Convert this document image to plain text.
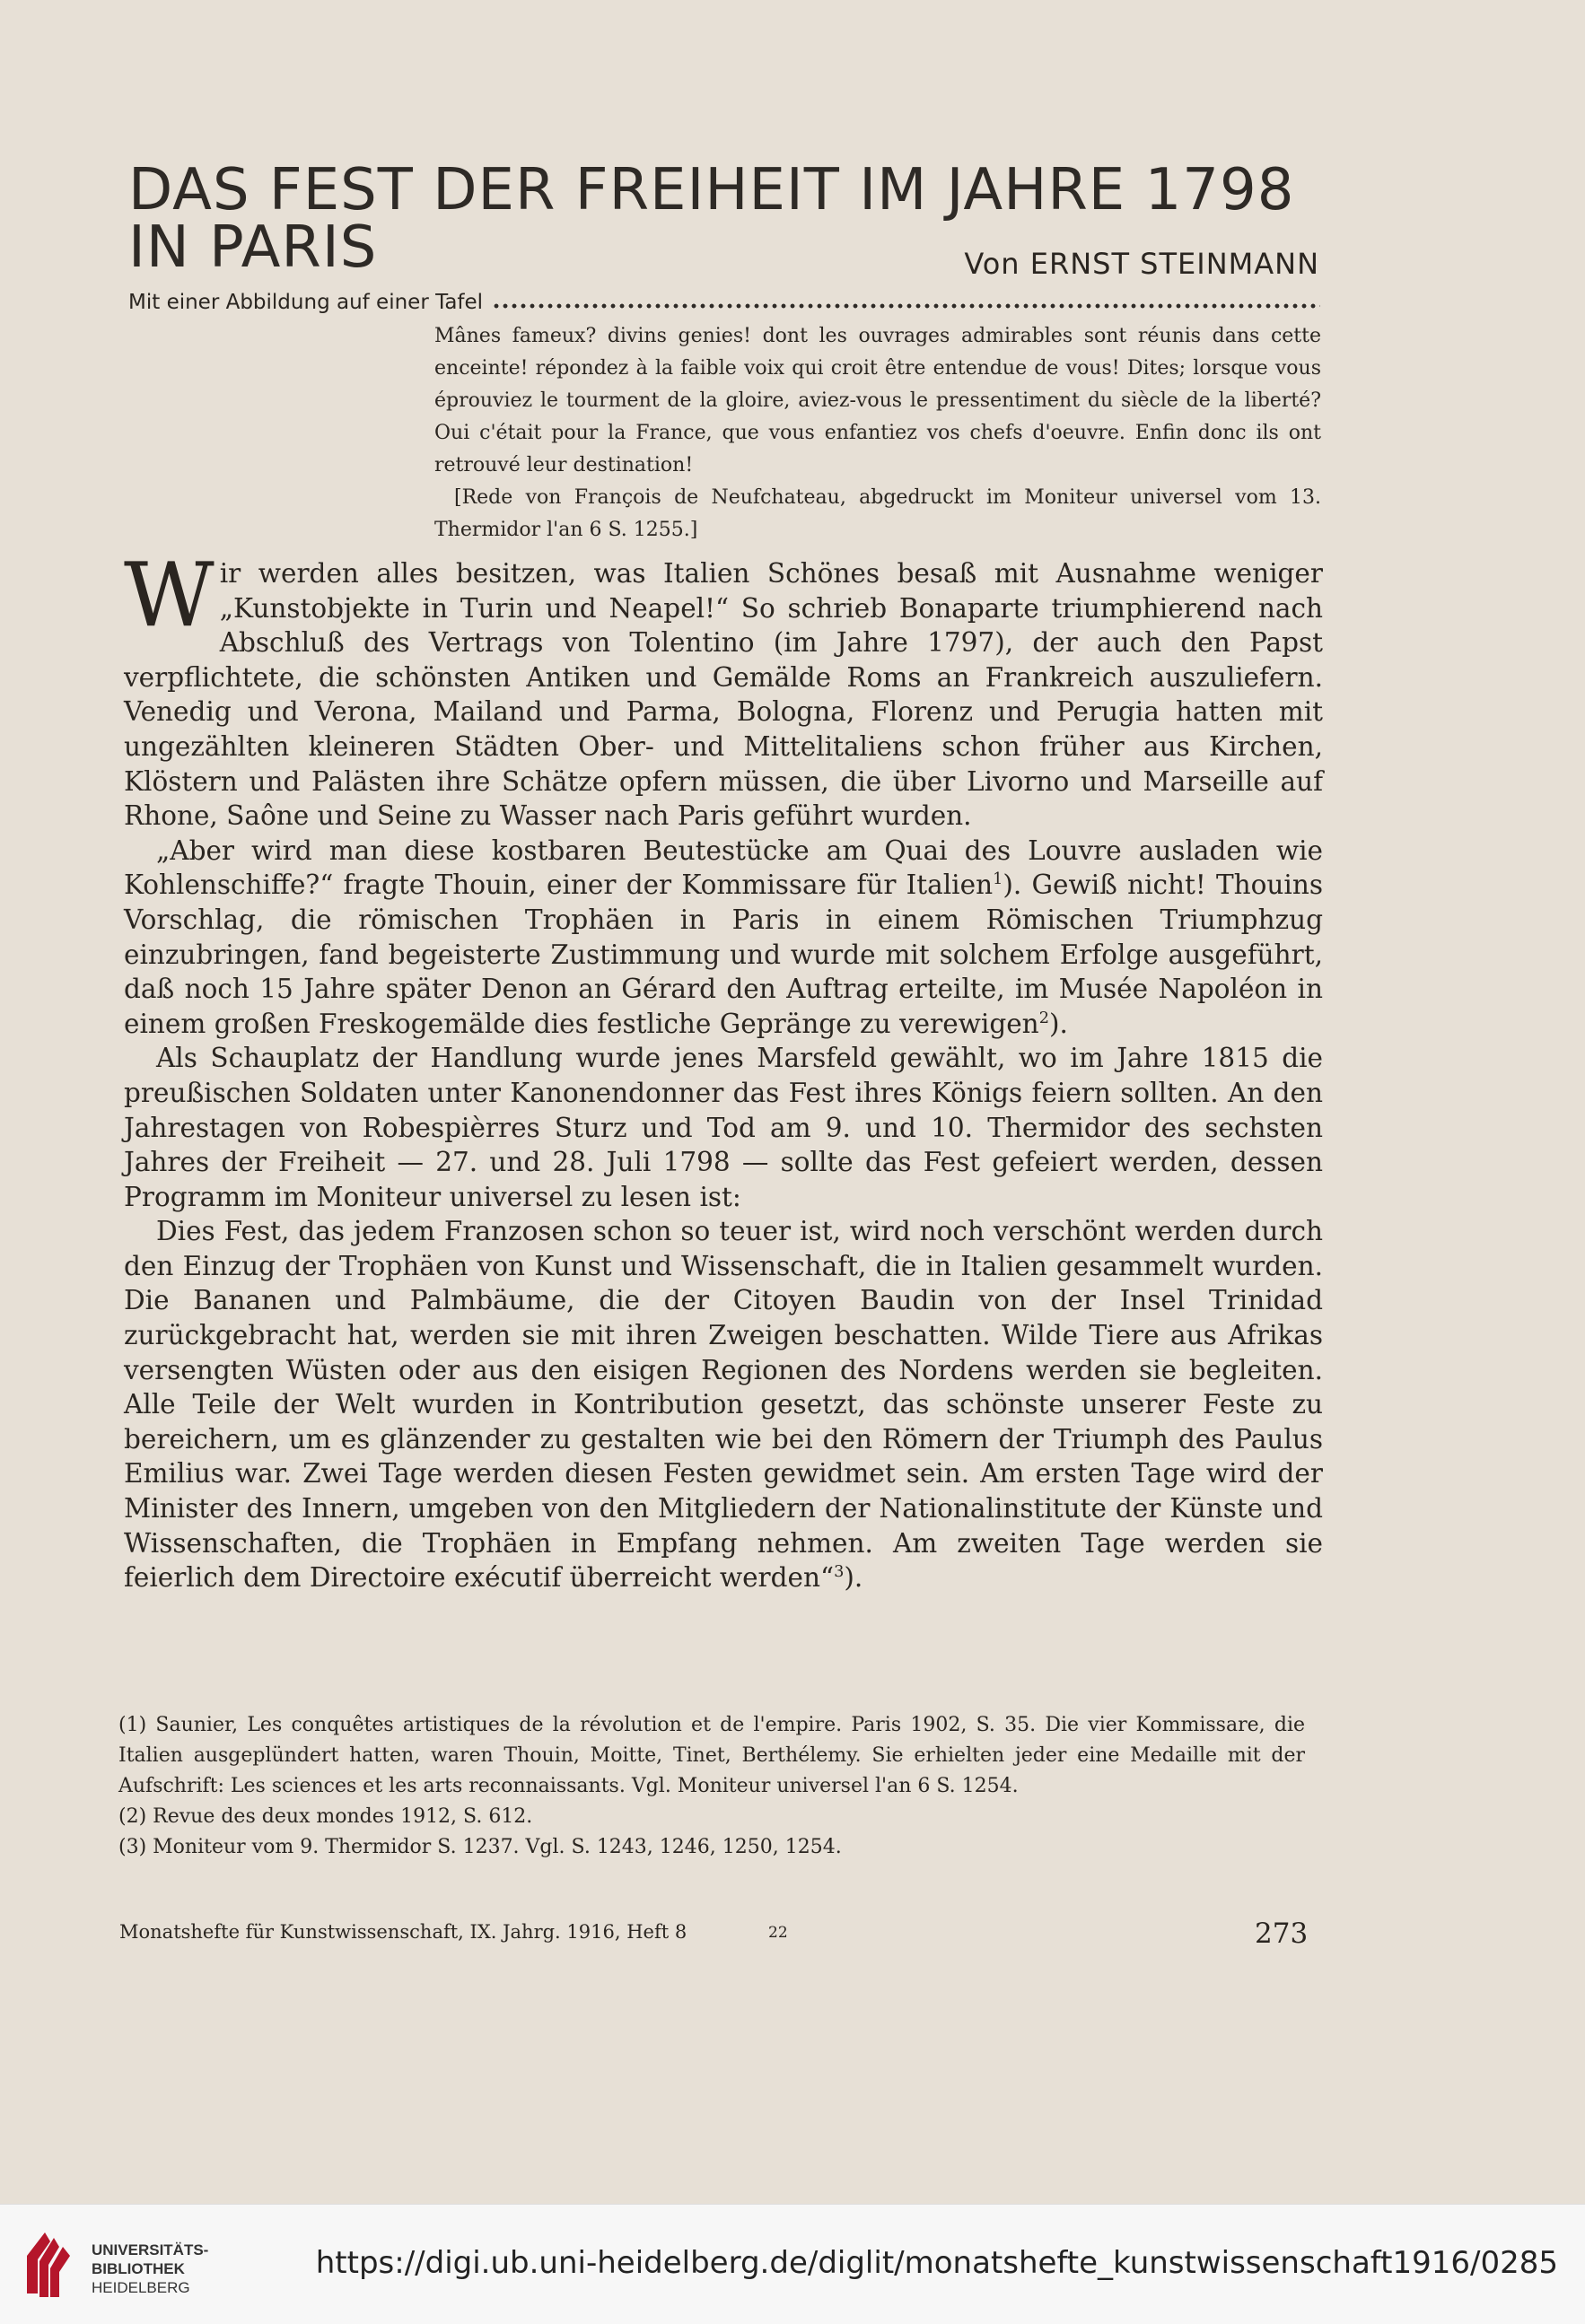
DAS FEST DER FREIHEIT IM JAHRE 1798
IN PARIS	Von ERNST STEINMANN
Mit einer Abbildung auf einer Tafel

Mânes fameux? divins genies! dont les ouvrages admirables sont réunis dans cette enceinte! répondez à la faible voix qui croit être entendue de vous! Dites; lorsque vous éprouviez le tourment de la gloire, aviez-vous le pressentiment du siècle de la liberté? Oui c'était pour la France, que vous enfantiez vos chefs d'oeuvre. Enfin donc ils ont retrouvé leur destination!

[Rede von François de Neufchateau, abgedruckt im Moniteur universel vom 13. Thermidor l'an 6 S. 1255.]

Wir werden alles besitzen, was Italien Schönes besaß mit Ausnahme weniger „Kunstobjekte in Turin und Neapel!“ So schrieb Bonaparte triumphierend nach Abschluß des Vertrags von Tolentino (im Jahre 1797), der auch den Papst verpflichtete, die schönsten Antiken und Gemälde Roms an Frankreich auszuliefern. Venedig und Verona, Mailand und Parma, Bologna, Florenz und Perugia hatten mit ungezählten kleineren Städten Ober- und Mittelitaliens schon früher aus Kirchen, Klöstern und Palästen ihre Schätze opfern müssen, die über Livorno und Marseille auf Rhone, Saône und Seine zu Wasser nach Paris geführt wurden.

„Aber wird man diese kostbaren Beutestücke am Quai des Louvre ausladen wie Kohlenschiffe?“ fragte Thouin, einer der Kommissare für Italien$^1$). Gewiß nicht! Thouins Vorschlag, die römischen Trophäen in Paris in einem Römischen Triumphzug einzubringen, fand begeisterte Zustimmung und wurde mit solchem Erfolge ausgeführt, daß noch 15 Jahre später Denon an Gérard den Auftrag erteilte, im Musée Napoléon in einem großen Freskogemälde dies festliche Gepränge zu verewigen$^2$).

Als Schauplatz der Handlung wurde jenes Marsfeld gewählt, wo im Jahre 1815 die preußischen Soldaten unter Kanonendonner das Fest ihres Königs feiern sollten. An den Jahrestagen von Robespièrres Sturz und Tod am 9. und 10. Thermidor des sechsten Jahres der Freiheit — 27. und 28. Juli 1798 — sollte das Fest gefeiert werden, dessen Programm im Moniteur universel zu lesen ist:

Dies Fest, das jedem Franzosen schon so teuer ist, wird noch verschönt werden durch den Einzug der Trophäen von Kunst und Wissenschaft, die in Italien gesammelt wurden. Die Bananen und Palmbäume, die der Citoyen Baudin von der Insel Trinidad zurückgebracht hat, werden sie mit ihren Zweigen beschatten. Wilde Tiere aus Afrikas versengten Wüsten oder aus den eisigen Regionen des Nordens werden sie begleiten. Alle Teile der Welt wurden in Kontribution gesetzt, das schönste unserer Feste zu bereichern, um es glänzender zu gestalten wie bei den Römern der Triumph des Paulus Emilius war. Zwei Tage werden diesen Festen gewidmet sein. Am ersten Tage wird der Minister des Innern, umgeben von den Mitgliedern der Nationalinstitute der Künste und Wissenschaften, die Trophäen in Empfang nehmen. Am zweiten Tage werden sie feierlich dem Directoire exécutif überreicht werden“$^3$).

(1) Saunier, Les conquêtes artistiques de la révolution et de l'empire. Paris 1902, S. 35. Die vier Kommissare, die Italien ausgeplündert hatten, waren Thouin, Moitte, Tinet, Berthélemy. Sie erhielten jeder eine Medaille mit der Aufschrift: Les sciences et les arts reconnaissants. Vgl. Moniteur universel l'an 6 S. 1254.

(2) Revue des deux mondes 1912, S. 612.

(3) Moniteur vom 9. Thermidor S. 1237. Vgl. S. 1243, 1246, 1250, 1254.

Monatshefte für Kunstwissenschaft, IX. Jahrg. 1916, Heft 8	22	273
UNIVERSITÄTS-
BIBLIOTHEK
HEIDELBERG
https://digi.ub.uni-heidelberg.de/diglit/monatshefte_kunstwissenschaft1916/0285
